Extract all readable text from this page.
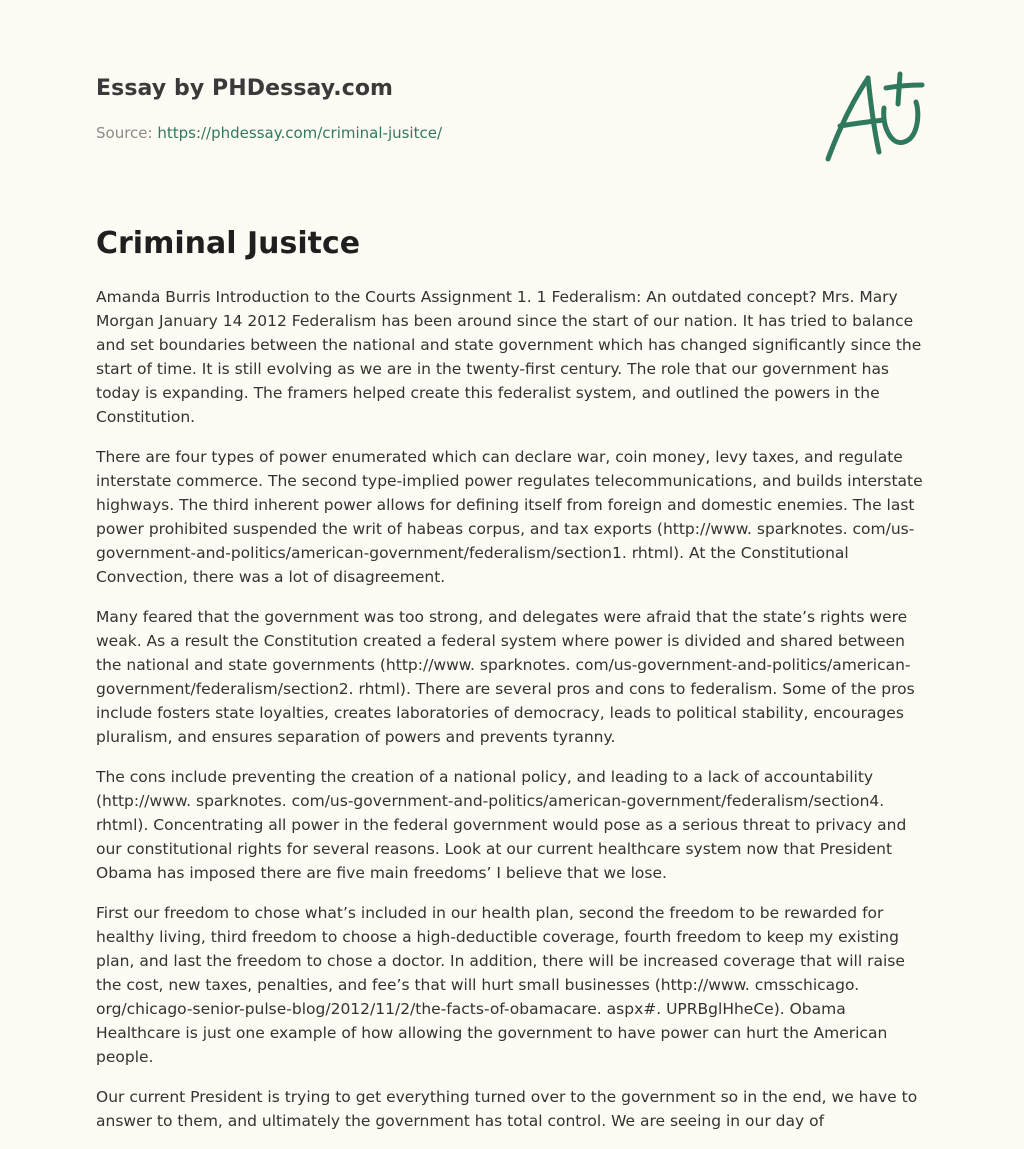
Essay by PHDessay.com
Source: https://phdessay.com/criminal-jusitce/
Criminal Jusitce

Amanda Burris Introduction to the Courts Assignment 1. 1 Federalism: An outdated concept? Mrs. Mary Morgan January 14 2012 Federalism has been around since the start of our nation. It has tried to balance and set boundaries between the national and state government which has changed significantly since the start of time. It is still evolving as we are in the twenty-first century. The role that our government has today is expanding. The framers helped create this federalist system, and outlined the powers in the Constitution.

There are four types of power enumerated which can declare war, coin money, levy taxes, and regulate interstate commerce. The second type-implied power regulates telecommunications, and builds interstate highways. The third inherent power allows for defining itself from foreign and domestic enemies. The last power prohibited suspended the writ of habeas corpus, and tax exports (http://www. sparknotes. com/us-government-and-politics/american-government/federalism/section1. rhtml). At the Constitutional Convection, there was a lot of disagreement.

Many feared that the government was too strong, and delegates were afraid that the state’s rights were weak. As a result the Constitution created a federal system where power is divided and shared between the national and state governments (http://www. sparknotes. com/us-government-and-politics/american-government/federalism/section2. rhtml). There are several pros and cons to federalism. Some of the pros include fosters state loyalties, creates laboratories of democracy, leads to political stability, encourages pluralism, and ensures separation of powers and prevents tyranny.

The cons include preventing the creation of a national policy, and leading to a lack of accountability (http://www. sparknotes. com/us-government-and-politics/american-government/federalism/section4. rhtml). Concentrating all power in the federal government would pose as a serious threat to privacy and our constitutional rights for several reasons. Look at our current healthcare system now that President Obama has imposed there are five main freedoms’ I believe that we lose.

First our freedom to chose what’s included in our health plan, second the freedom to be rewarded for healthy living, third freedom to choose a high-deductible coverage, fourth freedom to keep my existing plan, and last the freedom to chose a doctor. In addition, there will be increased coverage that will raise the cost, new taxes, penalties, and fee’s that will hurt small businesses (http://www. cmsschicago. org/chicago-senior-pulse-blog/2012/11/2/the-facts-of-obamacare. aspx#. UPRBglHheCe). Obama Healthcare is just one example of how allowing the government to have power can hurt the American people.

Our current President is trying to get everything turned over to the government so in the end, we have to answer to them, and ultimately the government has total control. We are seeing in our day of
